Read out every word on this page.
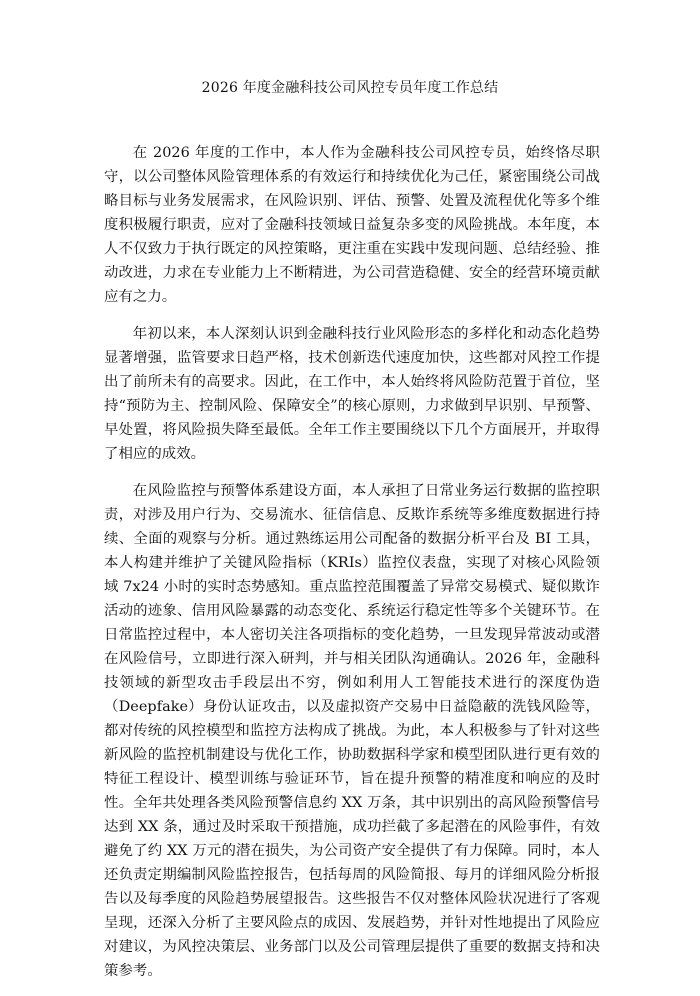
2026 年度金融科技公司风控专员年度工作总结

在 2026 年度的工作中，本人作为金融科技公司风控专员，始终恪尽职守，以公司整体风险管理体系的有效运行和持续优化为己任，紧密围绕公司战略目标与业务发展需求，在风险识别、评估、预警、处置及流程优化等多个维度积极履行职责，应对了金融科技领域日益复杂多变的风险挑战。本年度，本人不仅致力于执行既定的风控策略，更注重在实践中发现问题、总结经验、推动改进，力求在专业能力上不断精进，为公司营造稳健、安全的经营环境贡献应有之力。

年初以来，本人深刻认识到金融科技行业风险形态的多样化和动态化趋势显著增强，监管要求日趋严格，技术创新迭代速度加快，这些都对风控工作提出了前所未有的高要求。因此，在工作中，本人始终将风险防范置于首位，坚持“预防为主、控制风险、保障安全”的核心原则，力求做到早识别、早预警、早处置，将风险损失降至最低。全年工作主要围绕以下几个方面展开，并取得了相应的成效。

在风险监控与预警体系建设方面，本人承担了日常业务运行数据的监控职责，对涉及用户行为、交易流水、征信信息、反欺诈系统等多维度数据进行持续、全面的观察与分析。通过熟练运用公司配备的数据分析平台及 BI 工具，本人构建并维护了关键风险指标（KRIs）监控仪表盘，实现了对核心风险领域 7x24 小时的实时态势感知。重点监控范围覆盖了异常交易模式、疑似欺诈活动的迹象、信用风险暴露的动态变化、系统运行稳定性等多个关键环节。在日常监控过程中，本人密切关注各项指标的变化趋势，一旦发现异常波动或潜在风险信号，立即进行深入研判，并与相关团队沟通确认。2026 年，金融科技领域的新型攻击手段层出不穷，例如利用人工智能技术进行的深度伪造（Deepfake）身份认证攻击，以及虚拟资产交易中日益隐蔽的洗钱风险等，都对传统的风控模型和监控方法构成了挑战。为此，本人积极参与了针对这些新风险的监控机制建设与优化工作，协助数据科学家和模型团队进行更有效的特征工程设计、模型训练与验证环节，旨在提升预警的精准度和响应的及时性。全年共处理各类风险预警信息约 XX 万条，其中识别出的高风险预警信号达到 XX 条，通过及时采取干预措施，成功拦截了多起潜在的风险事件，有效避免了约 XX 万元的潜在损失，为公司资产安全提供了有力保障。同时，本人还负责定期编制风险监控报告，包括每周的风险简报、每月的详细风险分析报告以及每季度的风险趋势展望报告。这些报告不仅对整体风险状况进行了客观呈现，还深入分析了主要风险点的成因、发展趋势，并针对性地提出了风险应对建议，为风控决策层、业务部门以及公司管理层提供了重要的数据支持和决策参考。
